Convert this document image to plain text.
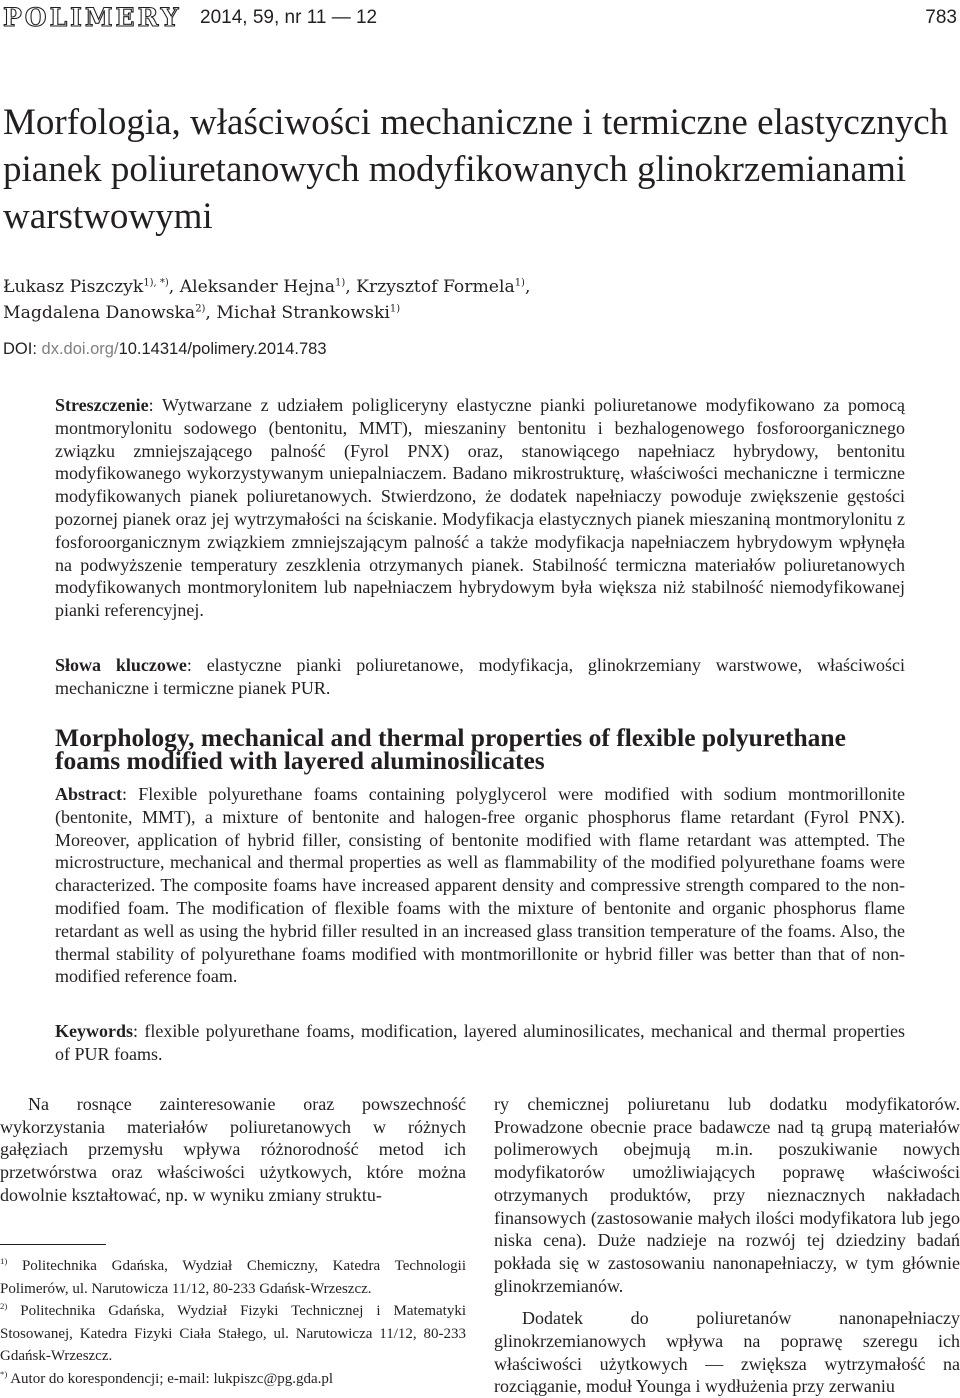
POLIMERY 2014, 59, nr 11 — 12	783
Morfologia, właściwości mechaniczne i termiczne elastycznych pianek poliuretanowych modyfikowanych glinokrzemianami warstwowymi
Łukasz Piszczyk$^{1), *)}$, Aleksander Hejna$^{1)}$, Krzysztof Formela$^{1)}$,
Magdalena Danowska$^{2)}$, Michał Strankowski$^{1)}$
DOI: dx.doi.org/10.14314/polimery.2014.783
Streszczenie: Wytwarzane z udziałem poligliceryny elastyczne pianki poliuretanowe modyfikowano za pomocą montmorylonitu sodowego (bentonitu, MMT), mieszaniny bentonitu i bezhalogenowego fosforoorganicznego związku zmniejszającego palność (Fyrol PNX) oraz, stanowiącego napełniacz hybrydowy, bentonitu modyfikowanego wykorzystywanym uniepalniaczem. Badano mikrostrukturę, właściwości mechaniczne i termiczne modyfikowanych pianek poliuretanowych. Stwierdzono, że dodatek napełniaczy powoduje zwiększenie gęstości pozornej pianek oraz jej wytrzymałości na ściskanie. Modyfikacja elastycznych pianek mieszaniną montmorylonitu z fosforoorganicznym związkiem zmniejszającym palność a także modyfikacja napełniaczem hybrydowym wpłynęła na podwyższenie temperatury zeszklenia otrzymanych pianek. Stabilność termiczna materiałów poliuretanowych modyfikowanych montmorylonitem lub napełniaczem hybrydowym była większa niż stabilność niemodyfikowanej pianki referencyjnej.
Słowa kluczowe: elastyczne pianki poliuretanowe, modyfikacja, glinokrzemiany warstwowe, właściwości mechaniczne i termiczne pianek PUR.
Morphology, mechanical and thermal properties of flexible polyurethane foams modified with layered aluminosilicates
Abstract: Flexible polyurethane foams containing polyglycerol were modified with sodium montmorillonite (bentonite, MMT), a mixture of bentonite and halogen-free organic phosphorus flame retardant (Fyrol PNX). Moreover, application of hybrid filler, consisting of bentonite modified with flame retardant was attempted. The microstructure, mechanical and thermal properties as well as flammability of the modified polyurethane foams were characterized. The composite foams have increased apparent density and compressive strength compared to the non-modified foam. The modification of flexible foams with the mixture of bentonite and organic phosphorus flame retardant as well as using the hybrid filler resulted in an increased glass transition temperature of the foams. Also, the thermal stability of polyurethane foams modified with montmorillonite or hybrid filler was better than that of non-modified reference foam.
Keywords: flexible polyurethane foams, modification, layered aluminosilicates, mechanical and thermal properties of PUR foams.

Na rosnące zainteresowanie oraz powszechność wykorzystania materiałów poliuretanowych w różnych gałęziach przemysłu wpływa różnorodność metod ich przetwórstwa oraz właściwości użytkowych, które można dowolnie kształtować, np. w wyniku zmiany struktu-

ry chemicznej poliuretanu lub dodatku modyfikatorów. Prowadzone obecnie prace badawcze nad tą grupą materiałów polimerowych obejmują m.in. poszukiwanie nowych modyfikatorów umożliwiających poprawę właściwości otrzymanych produktów, przy nieznacznych nakładach finansowych (zastosowanie małych ilości modyfikatora lub jego niska cena). Duże nadzieje na rozwój tej dziedziny badań pokłada się w zastosowaniu nanonapełniaczy, w tym głównie glinokrzemianów.

Dodatek do poliuretanów nanonapełniaczy glinokrzemianowych wpływa na poprawę szeregu ich właściwości użytkowych — zwiększa wytrzymałość na rozciąganie, moduł Younga i wydłużenia przy zerwaniu

$^{1)}$ Politechnika Gdańska, Wydział Chemiczny, Katedra Technologii Polimerów, ul. Narutowicza 11/12, 80-233 Gdańsk-Wrzeszcz.
$^{2)}$ Politechnika Gdańska, Wydział Fizyki Technicznej i Matematyki Stosowanej, Katedra Fizyki Ciała Stałego, ul. Narutowicza 11/12, 80-233 Gdańsk-Wrzeszcz.
*) Autor do korespondencji; e-mail: lukpiszc@pg.gda.pl
